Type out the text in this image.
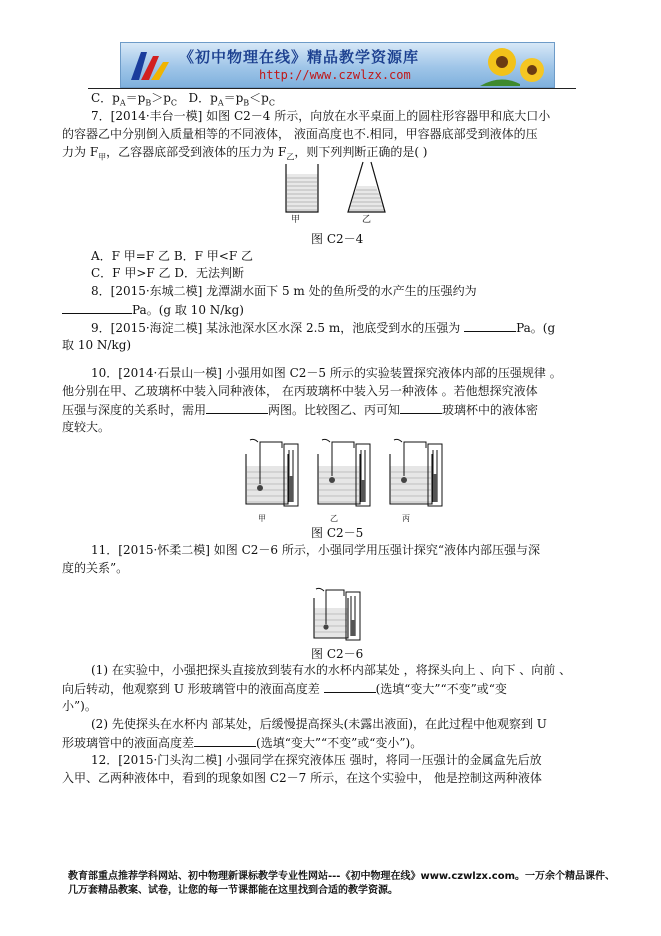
《初中物理在线》精品教学资源库
http://www.czwlzx.com
C．$p_A=p_B>p_C$ D．$p_A=p_B<p_C$
7．[2014·丰台一模] 如图 C2－4 所示，向放在水平桌面上的圆柱形容器甲和底大口小
的容器乙中分别倒入质量相等的不同液体， 液面高度也不.相同，甲容器底部受到液体的压
力为 $F_甲$，乙容器底部受到液体的压力为 $F_乙$，则下列判断正确的是( )
甲	乙
图 C2－4
A．F 甲=F 乙 B．F 甲<F 乙
C．F 甲>F 乙 D．无法判断
8．[2015·东城二模] 龙潭湖水面下 5 m 处的鱼所受的水产生的压强约为
Pa。(g 取 10 N/kg)
9．[2015·海淀二模] 某泳池深水区水深 2.5 m，池底受到水的压强为	Pa。(g
取 10 N/kg)
10．[2014·石景山一模] 小强用如图 C2－5 所示的实验装置探究液体内部的压强规律 。
他分别在甲、乙玻璃杯中装入同种液体， 在丙玻璃杯中装入另一种液体 。若他想探究液体
压强与深度的关系时，需用	两图。比较图乙、丙可知	玻璃杯中的液体密
度较大。
甲	乙	丙
图 C2－5
11．[2015·怀柔二模] 如图 C2－6 所示，小强同学用压强计探究“液体内部压强与深
度的关系”。
图 C2－6
(1) 在实验中，小强把探头直接放到装有水的水杯内部某处 ，将探头向上 、向下 、向前 、
向后转动，他观察到 U 形玻璃管中的液面高度差	(选填“变大”“不变”或“变
小”)。
(2) 先使探头在水杯内 部某处，后缓慢提高探头(未露出液面)，在此过程中他观察到 U
形玻璃管中的液面高度差	(选填“变大”“不变”或“变小”)。
12．[2015·门头沟二模] 小强同学在探究液体压 强时，将同一压强计的金属盒先后放
入甲、乙两种液体中，看到的现象如图 C2－7 所示，在这个实验中， 他是控制这两种液体
教育部重点推荐学科网站、初中物理新课标教学专业性网站---《初中物理在线》www.czwlzx.com。一万余个精品课件、
几万套精品教案、试卷，让您的每一节课都能在这里找到合适的教学资源。
